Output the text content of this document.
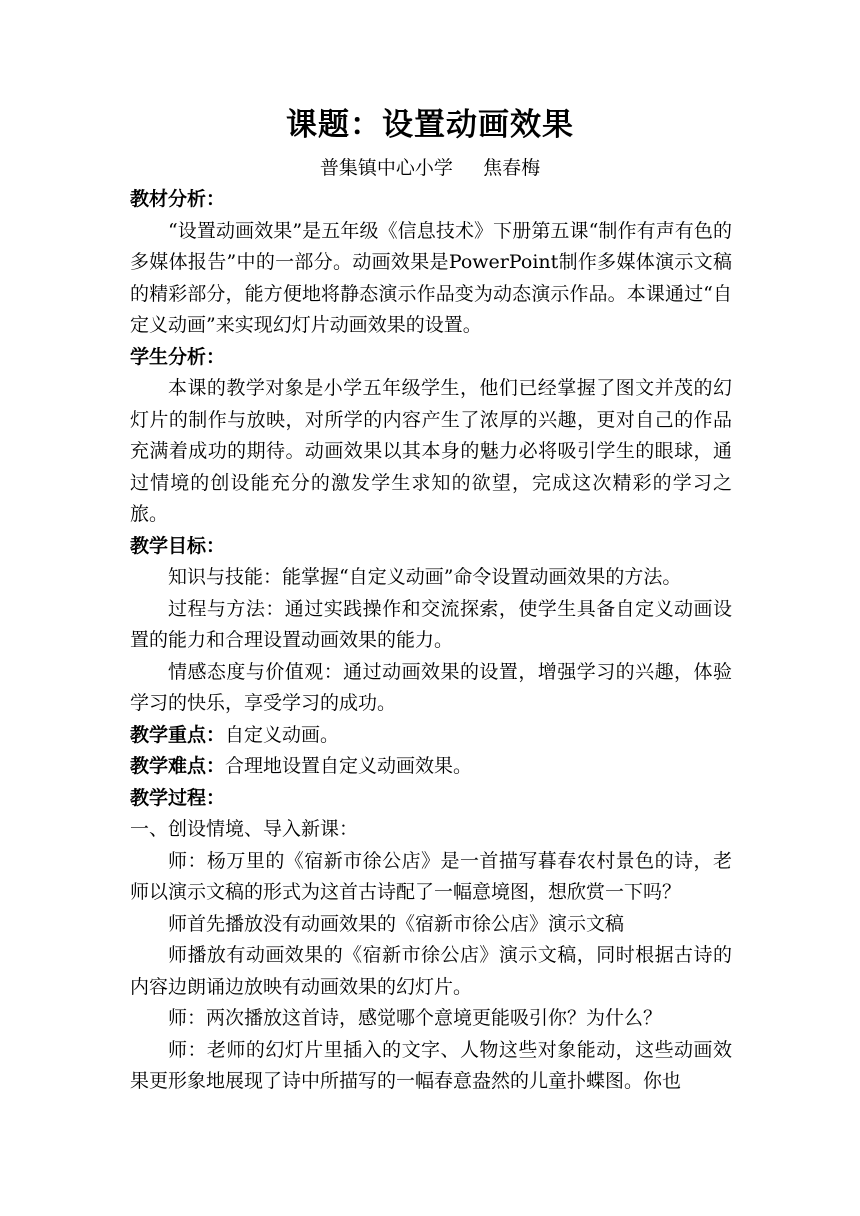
课题：设置动画效果
普集镇中心小学     焦春梅

教材分析：

“设置动画效果”是五年级《信息技术》下册第五课“制作有声有色的多媒体报告”中的一部分。动画效果是PowerPoint制作多媒体演示文稿的精彩部分，能方便地将静态演示作品变为动态演示作品。本课通过“自定义动画”来实现幻灯片动画效果的设置。

学生分析：

本课的教学对象是小学五年级学生，他们已经掌握了图文并茂的幻灯片的制作与放映，对所学的内容产生了浓厚的兴趣，更对自己的作品充满着成功的期待。动画效果以其本身的魅力必将吸引学生的眼球，通过情境的创设能充分的激发学生求知的欲望，完成这次精彩的学习之旅。

教学目标：

知识与技能：能掌握“自定义动画”命令设置动画效果的方法。

过程与方法：通过实践操作和交流探索，使学生具备自定义动画设置的能力和合理设置动画效果的能力。

情感态度与价值观：通过动画效果的设置，增强学习的兴趣，体验学习的快乐，享受学习的成功。

教学重点：自定义动画。

教学难点：合理地设置自定义动画效果。

教学过程：

一、创设情境、导入新课：

师：杨万里的《宿新市徐公店》是一首描写暮春农村景色的诗，老师以演示文稿的形式为这首古诗配了一幅意境图，想欣赏一下吗？

师首先播放没有动画效果的《宿新市徐公店》演示文稿

师播放有动画效果的《宿新市徐公店》演示文稿，同时根据古诗的内容边朗诵边放映有动画效果的幻灯片。

师：两次播放这首诗，感觉哪个意境更能吸引你？为什么？

师：老师的幻灯片里插入的文字、人物这些对象能动，这些动画效果更形象地展现了诗中所描写的一幅春意盎然的儿童扑蝶图。你也
